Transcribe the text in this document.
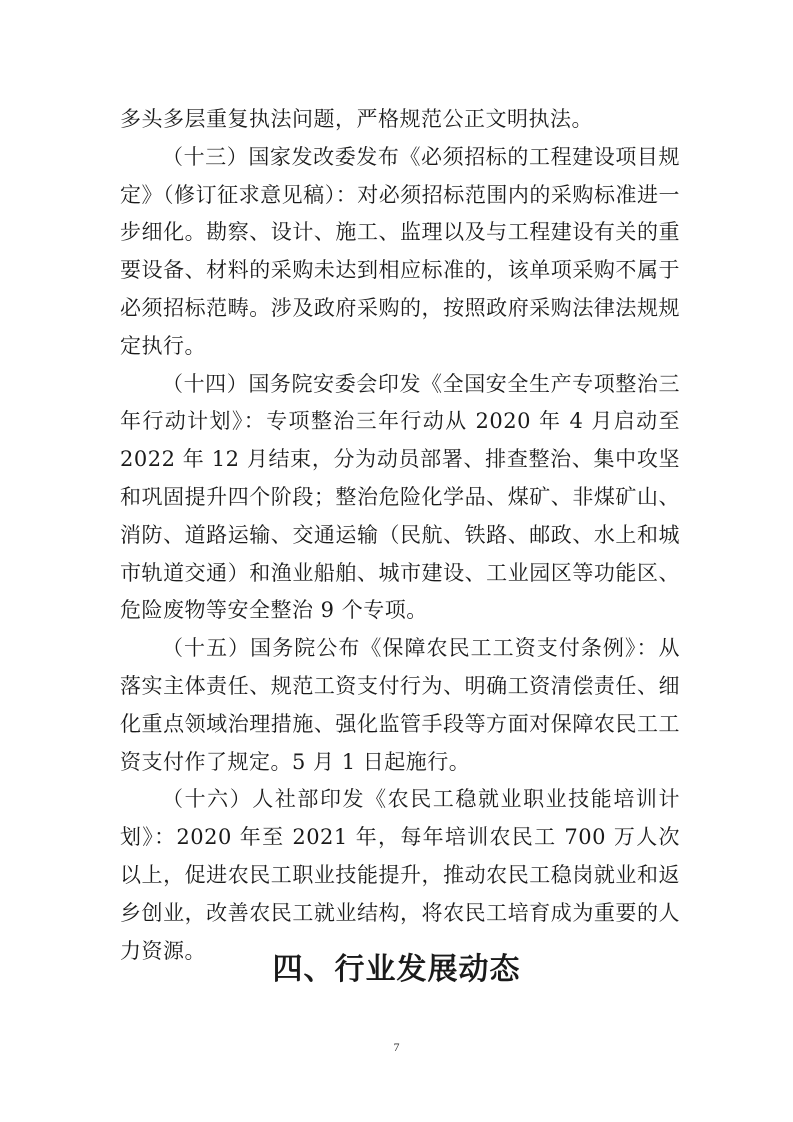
多头多层重复执法问题，严格规范公正文明执法。

（十三）国家发改委发布《必须招标的工程建设项目规定》（修订征求意见稿）：对必须招标范围内的采购标准进一步细化。勘察、设计、施工、监理以及与工程建设有关的重要设备、材料的采购未达到相应标准的，该单项采购不属于必须招标范畴。涉及政府采购的，按照政府采购法律法规规定执行。

（十四）国务院安委会印发《全国安全生产专项整治三年行动计划》：专项整治三年行动从 2020 年 4 月启动至 2022 年 12 月结束，分为动员部署、排查整治、集中攻坚和巩固提升四个阶段；整治危险化学品、煤矿、非煤矿山、消防、道路运输、交通运输（民航、铁路、邮政、水上和城市轨道交通）和渔业船舶、城市建设、工业园区等功能区、危险废物等安全整治 9 个专项。

（十五）国务院公布《保障农民工工资支付条例》：从落实主体责任、规范工资支付行为、明确工资清偿责任、细化重点领域治理措施、强化监管手段等方面对保障农民工工资支付作了规定。5 月 1 日起施行。

（十六）人社部印发《农民工稳就业职业技能培训计划》：2020 年至 2021 年，每年培训农民工 700 万人次以上，促进农民工职业技能提升，推动农民工稳岗就业和返乡创业，改善农民工就业结构，将农民工培育成为重要的人力资源。

四、行业发展动态
7
